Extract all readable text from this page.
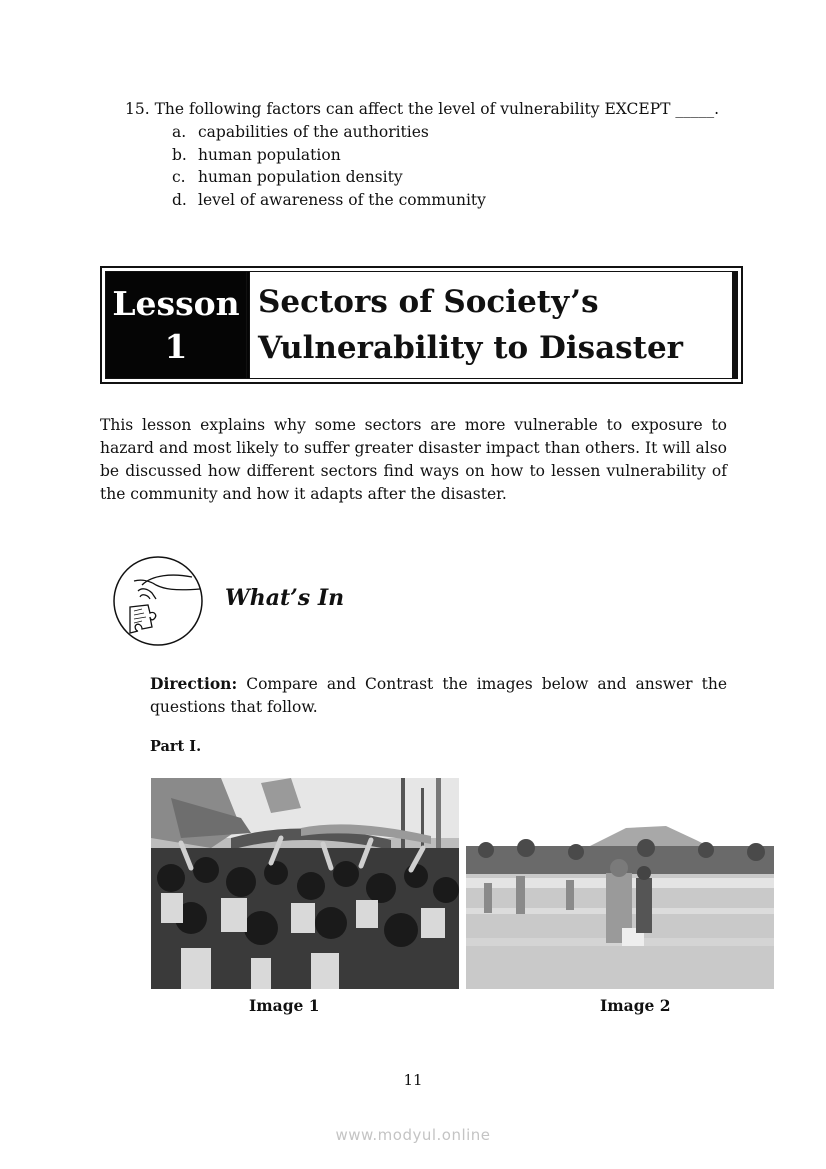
15. The following factors can affect the level of vulnerability EXCEPT _____.
a. capabilities of the authorities
b. human population
c. human population density
d. level of awareness of the community
Lesson
1
Sectors of Society’s
Vulnerability to Disaster
This lesson explains why some sectors are more vulnerable to exposure to hazard and most likely to suffer greater disaster impact than others. It will also be discussed how different sectors find ways on how to lessen vulnerability of the community and how it adapts after the disaster.
What’s In
Direction: Compare and Contrast the images below and answer the questions that follow.
Part I.
Image 1	Image 2
11
www.modyul.online
